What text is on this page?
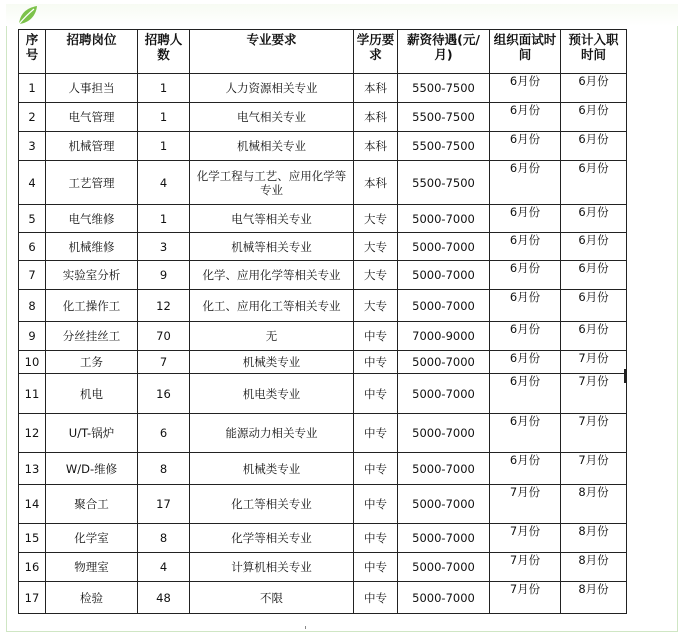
序号	招聘岗位	招聘人数	专业要求	学历要求	薪资待遇(元/月)	组织面试时间	预计入职时间
1	人事担当	1	人力资源相关专业	本科	5500-7500	6月份	6月份
2	电气管理	1	电气相关专业	本科	5500-7500	6月份	6月份
3	机械管理	1	机械相关专业	本科	5500-7500	6月份	6月份
4	工艺管理	4	化学工程与工艺、应用化学等专业	本科	5500-7500	6月份	6月份
5	电气维修	1	电气等相关专业	大专	5000-7000	6月份	6月份
6	机械维修	3	机械等相关专业	大专	5000-7000	6月份	6月份
7	实验室分析	9	化学、应用化学等相关专业	大专	5000-7000	6月份	6月份
8	化工操作工	12	化工、应用化工等相关专业	大专	5000-7000	6月份	6月份
9	分丝挂丝工	70	无	中专	7000-9000	6月份	6月份
10	工务	7	机械类专业	中专	5000-7000	6月份	7月份
11	机电	16	机电类专业	中专	5000-7000	6月份	7月份
12	U/T-锅炉	6	能源动力相关专业	中专	5000-7000	6月份	7月份
13	W/D-维修	8	机械类专业	中专	5000-7000	6月份	7月份
14	聚合工	17	化工等相关专业	中专	5000-7000	7月份	8月份
15	化学室	8	化学等相关专业	中专	5000-7000	7月份	8月份
16	物理室	4	计算机相关专业	中专	5000-7000	7月份	8月份
17	检验	48	不限	中专	5000-7000	7月份	8月份
